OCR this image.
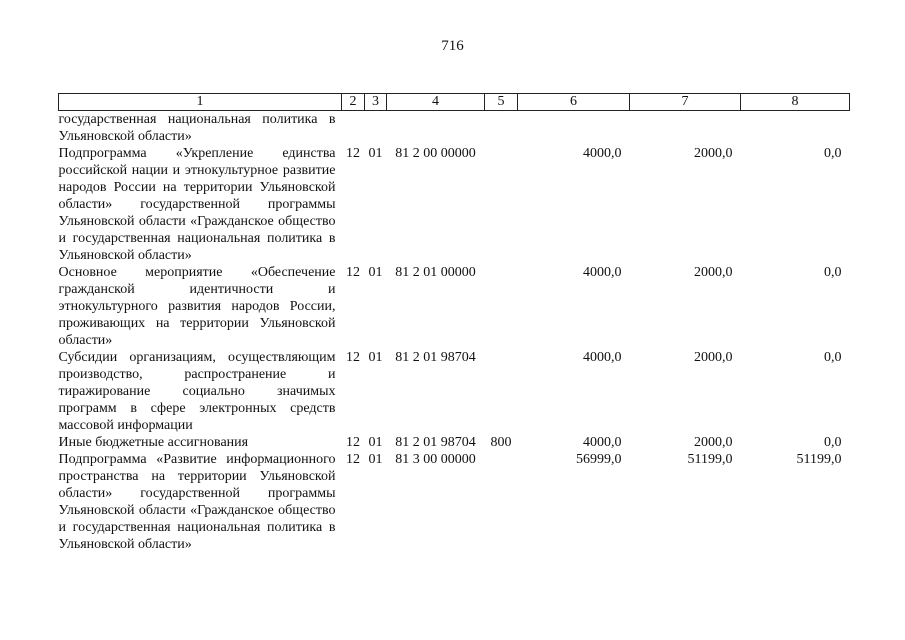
716
1	2	3	4	5	6	7	8
государственная национальная политика в Ульяновской области»							
Подпрограмма «Укрепление единства российской нации и этнокультурное развитие народов России на территории Ульяновской области» государственной программы Ульяновской области «Гражданское общество и государственная национальная политика в Ульяновской области»	12	01	81 2 00 00000		4000,0	2000,0	0,0
Основное мероприятие «Обеспечение гражданской идентичности и этнокультурного развития народов России, проживающих на территории Ульяновской области»	12	01	81 2 01 00000		4000,0	2000,0	0,0
Субсидии организациям, осуществляющим производство, распространение и тиражирование социально значимых программ в сфере электронных средств массовой информации	12	01	81 2 01 98704		4000,0	2000,0	0,0
Иные бюджетные ассигнования	12	01	81 2 01 98704	800	4000,0	2000,0	0,0
Подпрограмма «Развитие информационного пространства на территории Ульяновской области» государственной программы Ульяновской области «Гражданское общество и государственная национальная политика в Ульяновской области»	12	01	81 3 00 00000		56999,0	51199,0	51199,0
